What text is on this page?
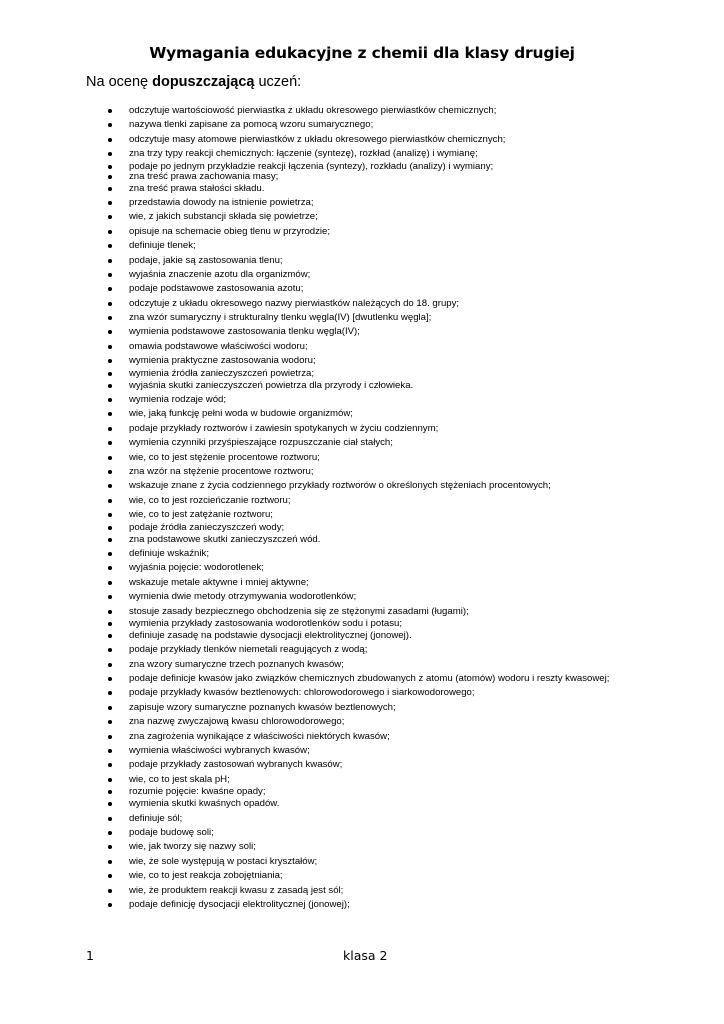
Wymagania edukacyjne z chemii dla klasy drugiej
Na ocenę dopuszczającą uczeń:
odczytuje wartościowość pierwiastka z układu okresowego pierwiastków chemicznych;
nazywa tlenki zapisane za pomocą wzoru sumarycznego;
odczytuje masy atomowe pierwiastków z układu okresowego pierwiastków chemicznych;
zna trzy typy reakcji chemicznych: łączenie (syntezę), rozkład (analizę) i wymianę;
podaje po jednym przykładzie reakcji łączenia (syntezy), rozkładu (analizy) i wymiany;
zna treść prawa zachowania masy;
zna treść prawa stałości składu.
przedstawia dowody na istnienie powietrza;
wie, z jakich substancji składa się powietrze;
opisuje na schemacie obieg tlenu w przyrodzie;
definiuje tlenek;
podaje, jakie są zastosowania tlenu;
wyjaśnia znaczenie azotu dla organizmów;
podaje podstawowe zastosowania azotu;
odczytuje z układu okresowego nazwy pierwiastków należących do 18. grupy;
zna wzór sumaryczny i strukturalny tlenku węgla(IV) [dwutlenku węgla];
wymienia podstawowe zastosowania tlenku węgla(IV);
omawia podstawowe właściwości wodoru;
wymienia praktyczne zastosowania wodoru;
wymienia źródła zanieczyszczeń powietrza;
wyjaśnia skutki zanieczyszczeń powietrza dla przyrody i człowieka.
wymienia rodzaje wód;
wie, jaką funkcję pełni woda w budowie organizmów;
podaje przykłady roztworów i zawiesin spotykanych w życiu codziennym;
wymienia czynniki przyśpieszające rozpuszczanie ciał stałych;
wie, co to jest stężenie procentowe roztworu;
zna wzór na stężenie procentowe roztworu;
wskazuje znane z życia codziennego przykłady roztworów o określonych stężeniach procentowych;
wie, co to jest rozcieńczanie roztworu;
wie, co to jest zatężanie roztworu;
podaje źródła zanieczyszczeń wody;
zna podstawowe skutki zanieczyszczeń wód.
definiuje wskaźnik;
wyjaśnia pojęcie: wodorotlenek;
wskazuje metale aktywne i mniej aktywne;
wymienia dwie metody otrzymywania wodorotlenków;
stosuje zasady bezpiecznego obchodzenia się ze stężonymi zasadami (ługami);
wymienia przykłady zastosowania wodorotlenków sodu i potasu;
definiuje zasadę na podstawie dysocjacji elektrolitycznej (jonowej).
podaje przykłady tlenków niemetali reagujących z wodą;
zna wzory sumaryczne trzech poznanych kwasów;
podaje definicje kwasów jako związków chemicznych zbudowanych z atomu (atomów) wodoru i reszty kwasowej;
podaje przykłady kwasów beztlenowych: chlorowodorowego i siarkowodorowego;
zapisuje wzory sumaryczne poznanych kwasów beztlenowych;
zna nazwę zwyczajową kwasu chlorowodorowego;
zna zagrożenia wynikające z właściwości niektórych kwasów;
wymienia właściwości wybranych kwasów;
podaje przykłady zastosowań wybranych kwasów;
wie, co to jest skala pH;
rozumie pojęcie: kwaśne opady;
wymienia skutki kwaśnych opadów.
definiuje sól;
podaje budowę soli;
wie, jak tworzy się nazwy soli;
wie, że sole występują w postaci kryształów;
wie, co to jest reakcja zobojętniania;
wie, że produktem reakcji kwasu z zasadą jest sól;
podaje definicję dysocjacji elektrolitycznej (jonowej);
1	klasa 2
